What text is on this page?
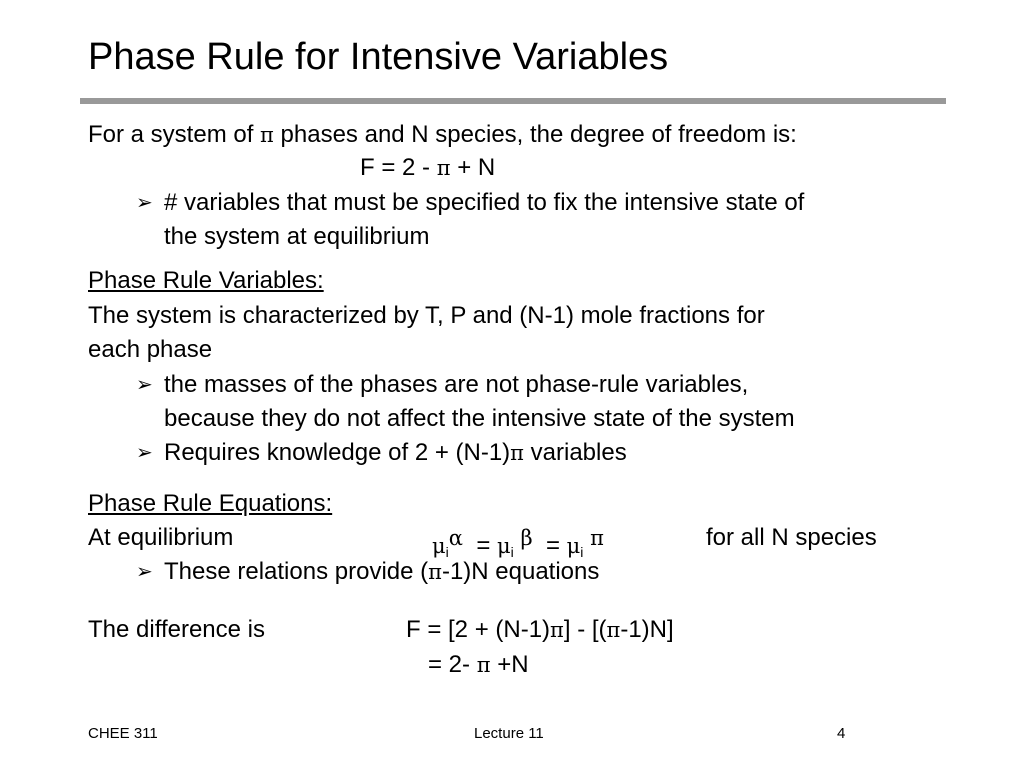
Phase Rule for Intensive Variables
For a system of π phases and N species, the degree of freedom is:
F = 2 - π + N
➢ # variables that must be specified to fix the intensive state of
the system at equilibrium
Phase Rule Variables:
The system is characterized by T, P and (N-1) mole fractions for
each phase
➢ the masses of the phases are not phase-rule variables,
because they do not affect the intensive state of the system
➢ Requires knowledge of 2 + (N-1)π variables
Phase Rule Equations:
At equilibrium	$\mu_i^\alpha = \mu_i$ $^\beta = \mu_i$ $^\pi$	for all N species
➢ These relations provide (π-1)N equations
The difference is	F = [2 + (N-1)π] - [(π-1)N]
= 2- π +N
CHEE 311	Lecture 11	4
